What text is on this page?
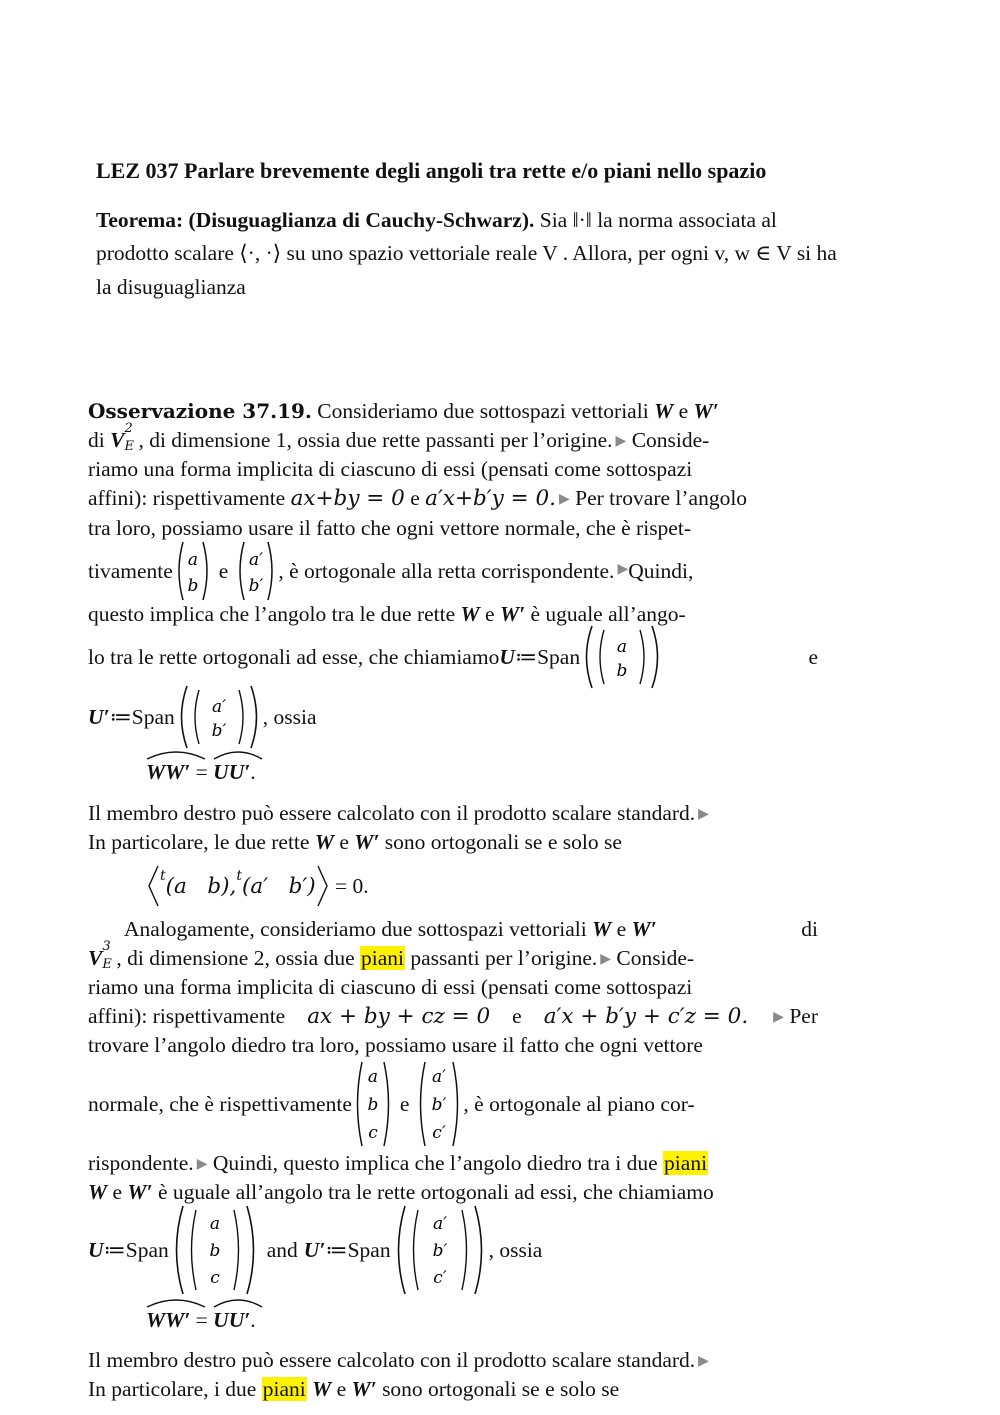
LEZ 037 Parlare brevemente degli angoli tra rette e/o piani nello spazio
Teorema: (Disuguaglianza di Cauchy-Schwarz). Sia ‖·‖ la norma associata al
prodotto scalare ⟨·, ·⟩ su uno spazio vettoriale reale V . Allora, per ogni v, w ∈ V si ha
la disuguaglianza
Osservazione 37.19. Consideriamo due sottospazi vettoriali W e W′
di V 2
E , di dimensione 1, ossia due rette passanti per l’origine. ▶ Conside-
riamo una forma implicita di ciascuno di essi (pensati come sottospazi
affini): rispettivamente ax+by = 0 e a′x+b′y = 0. ▶ Per trovare l’angolo
tra loro, possiamo usare il fatto che ogni vettore normale, che è rispet-
tivamente a
b
e a′
b′
, è ortogonale alla retta corrispondente. ▶ Quindi,
questo implica che l’angolo tra le due rette W e W′ è uguale all’ango-
lo tra le rette ortogonali ad esse, che chiamiamo U ≔ Span a
b
e
U′ ≔ Span a′
b′
, ossia
WW′ =
UU′.
Il membro destro può essere calcolato con il prodotto scalare standard. ▶
In particolare, le due rette W e W′ sono ortogonali se e solo se
t (a b), t (a′ b′) = 0.
Analogamente, consideriamo due sottospazi vettoriali W e W′	di
V 3
E , di dimensione 2, ossia due piani passanti per l’origine. ▶ Conside-
riamo una forma implicita di ciascuno di essi (pensati come sottospazi
affini): rispettivamente ax + by + cz = 0 e a′x + b′y + c′z = 0. ▶ Per
trovare l’angolo diedro tra loro, possiamo usare il fatto che ogni vettore
normale, che è rispettivamente
a
b
c
e
a′
b′
c′
, è ortogonale al piano cor-
rispondente. ▶ Quindi, questo implica che l’angolo diedro tra i due piani
W e W′ è uguale all’angolo tra le rette ortogonali ad essi, che chiamiamo
U ≔ Span
a
b
c
and U′ ≔ Span
a′
b′
c′
, ossia
WW′ =
UU′.
Il membro destro può essere calcolato con il prodotto scalare standard. ▶
In particolare, i due piani W e W′ sono ortogonali se e solo se
